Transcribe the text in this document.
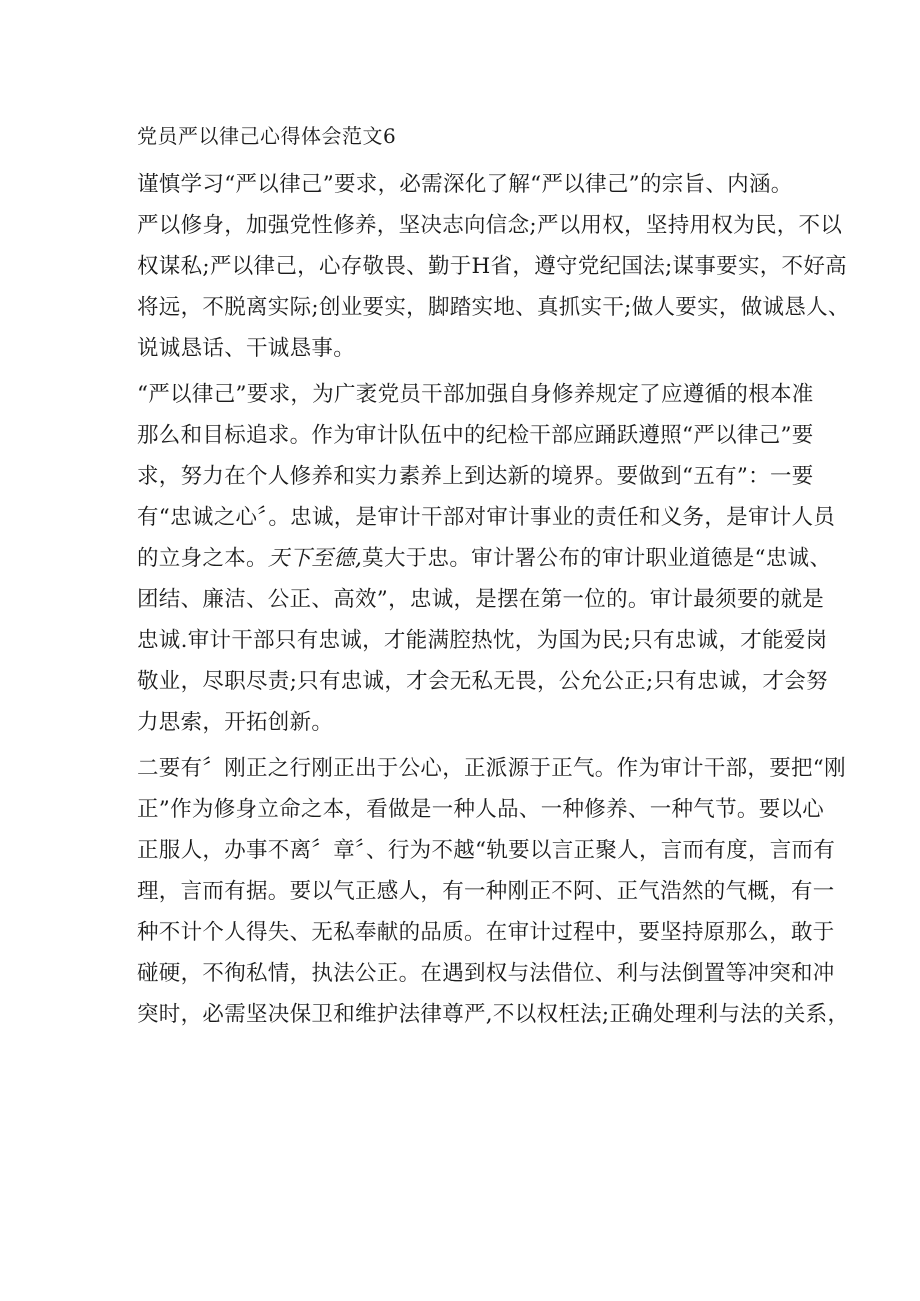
党员严以律己心得体会范文6
谨慎学习“严以律己”要求，必需深化了解“严以律己”的宗旨、内涵。
严以修身，加强党性修养，坚决志向信念;严以用权，坚持用权为民，不以
权谋私;严以律己，心存敬畏、勤于H省，遵守党纪国法;谋事要实，不好高
将远，不脱离实际;创业要实，脚踏实地、真抓实干;做人要实，做诚恳人、
说诚恳话、干诚恳事。
“严以律己”要求，为广袤党员干部加强自身修养规定了应遵循的根本准
那么和目标追求。作为审计队伍中的纪检干部应踊跃遵照“严以律己”要
求，努力在个人修养和实力素养上到达新的境界。要做到“五有”：一要
有“忠诚之心〞。忠诚，是审计干部对审计事业的责任和义务，是审计人员
的立身之本。天下至德,莫大于忠。审计署公布的审计职业道德是“忠诚、
团结、廉洁、公正、高效”，忠诚，是摆在第一位的。审计最须要的就是
忠诚.审计干部只有忠诚，才能满腔热忱，为国为民;只有忠诚，才能爱岗
敬业，尽职尽责;只有忠诚，才会无私无畏，公允公正;只有忠诚，才会努
力思索，开拓创新。
二要有〞刚正之行刚正出于公心，正派源于正气。作为审计干部，要把“刚
正”作为修身立命之本，看做是一种人品、一种修养、一种气节。要以心
正服人，办事不离〞章〞、行为不越“轨要以言正聚人，言而有度，言而有
理，言而有据。要以气正感人，有一种刚正不阿、正气浩然的气概，有一
种不计个人得失、无私奉献的品质。在审计过程中，要坚持原那么，敢于
碰硬，不徇私情，执法公正。在遇到权与法借位、利与法倒置等冲突和冲
突时，必需坚决保卫和维护法律尊严,不以权枉法;正确处理利与法的关系，
